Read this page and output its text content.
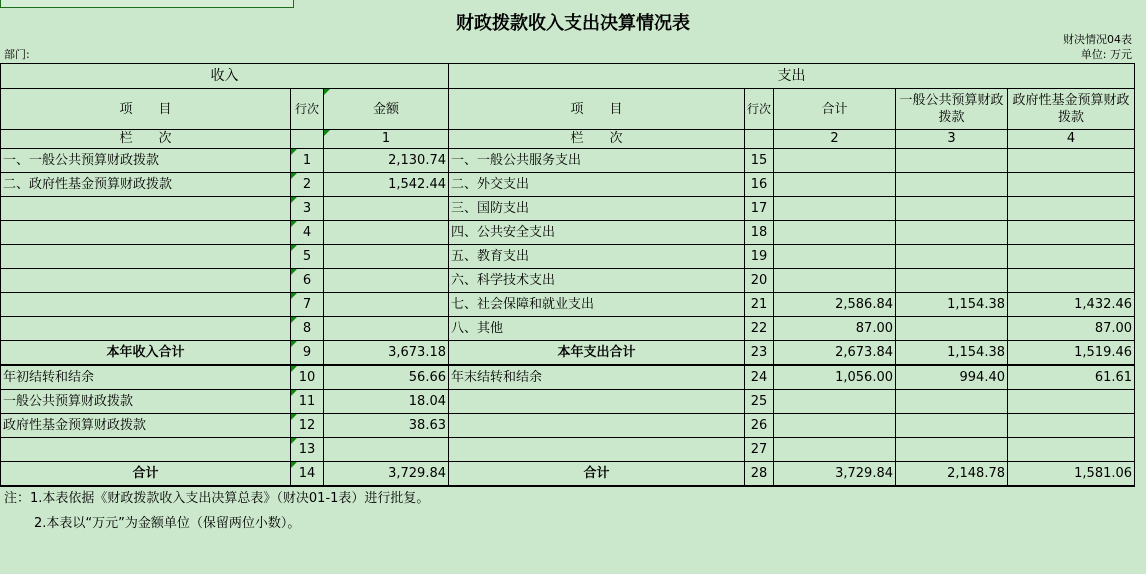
财政拨款收入支出决算情况表
财决情况04表
部门:	单位: 万元
收入			支出				
项　　目	行次	金额	项　　目	行次	合计	一般公共预算财政拨款	政府性基金预算财政拨款
栏　　次		1	栏　　次		2	3	4
一、一般公共预算财政拨款	1	2,130.74	一、一般公共服务支出	15			
二、政府性基金预算财政拨款	2	1,542.44	二、外交支出	16			
	3		三、国防支出	17			
	4		四、公共安全支出	18			
	5		五、教育支出	19			
	6		六、科学技术支出	20			
	7		七、社会保障和就业支出	21	2,586.84	1,154.38	1,432.46
	8		八、其他	22	87.00		87.00
本年收入合计	9	3,673.18	本年支出合计	23	2,673.84	1,154.38	1,519.46
年初结转和结余	10	56.66	年末结转和结余	24	1,056.00	994.40	61.61
一般公共预算财政拨款	11	18.04		25			
政府性基金预算财政拨款	12	38.63		26			
	13			27			
合计	14	3,729.84	合计	28	3,729.84	2,148.78	1,581.06
注：1.本表依据《财政拨款收入支出决算总表》（财决01-1表）进行批复。
2.本表以“万元”为金额单位（保留两位小数）。
